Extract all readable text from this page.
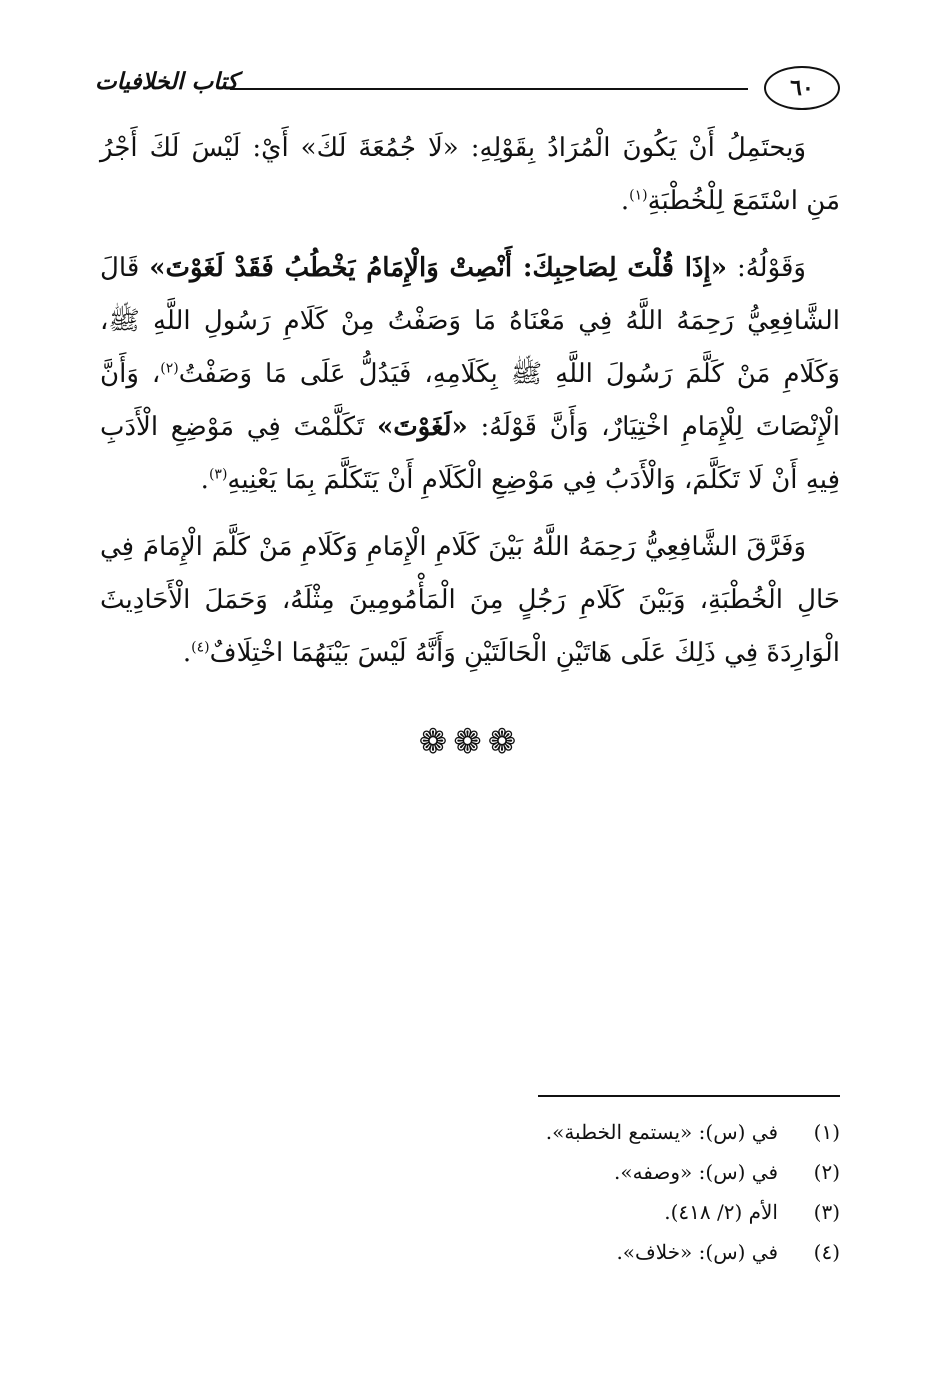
كتاب الخلافيات	٦٠

وَيحتَمِلُ أَنْ يَكُونَ الْمُرَادُ بِقَوْلِهِ: «لَا جُمُعَةَ لَكَ» أَيْ: لَيْسَ لَكَ أَجْرُ مَنِ اسْتَمَعَ لِلْخُطْبَةِ$^{(١)}$.

وَقَوْلُهُ: «إِذَا قُلْتَ لِصَاحِبِكَ: أَنْصِتْ وَالْإِمَامُ يَخْطُبُ فَقَدْ لَغَوْتَ» قَالَ الشَّافِعِيُّ رَحِمَهُ اللَّهُ فِي مَعْنَاهُ مَا وَصَفْتُ مِنْ كَلَامِ رَسُولِ اللَّهِ ﷺ، وَكَلَامِ مَنْ كَلَّمَ رَسُولَ اللَّهِ ﷺ بِكَلَامِهِ، فَيَدُلُّ عَلَى مَا وَصَفْتُ$^{(٢)}$، وَأَنَّ الْإِنْصَاتَ لِلْإِمَامِ اخْتِيَارٌ، وَأَنَّ قَوْلَهُ: «لَغَوْتَ» تَكَلَّمْتَ فِي مَوْضِعِ الْأَدَبِ فِيهِ أَنْ لَا تَكَلَّمَ، وَالْأَدَبُ فِي مَوْضِعِ الْكَلَامِ أَنْ يَتَكَلَّمَ بِمَا يَعْنِيهِ$^{(٣)}$.

وَفَرَّقَ الشَّافِعِيُّ رَحِمَهُ اللَّهُ بَيْنَ كَلَامِ الْإِمَامِ وَكَلَامِ مَنْ كَلَّمَ الْإِمَامَ فِي حَالِ الْخُطْبَةِ، وَبَيْنَ كَلَامِ رَجُلٍ مِنَ الْمَأْمُومِينَ مِثْلَهُ، وَحَمَلَ الْأَحَادِيثَ الْوَارِدَةَ فِي ذَلِكَ عَلَى هَاتَيْنِ الْحَالَتَيْنِ وَأَنَّهُ لَيْسَ بَيْنَهُمَا اخْتِلَافٌ$^{(٤)}$.

❁❁❁
(١)
في (س): «يستمع الخطبة».
(٢)
في (س): «وصفه».
(٣)
الأم (٢/ ٤١٨).
(٤)
في (س): «خلاف».
